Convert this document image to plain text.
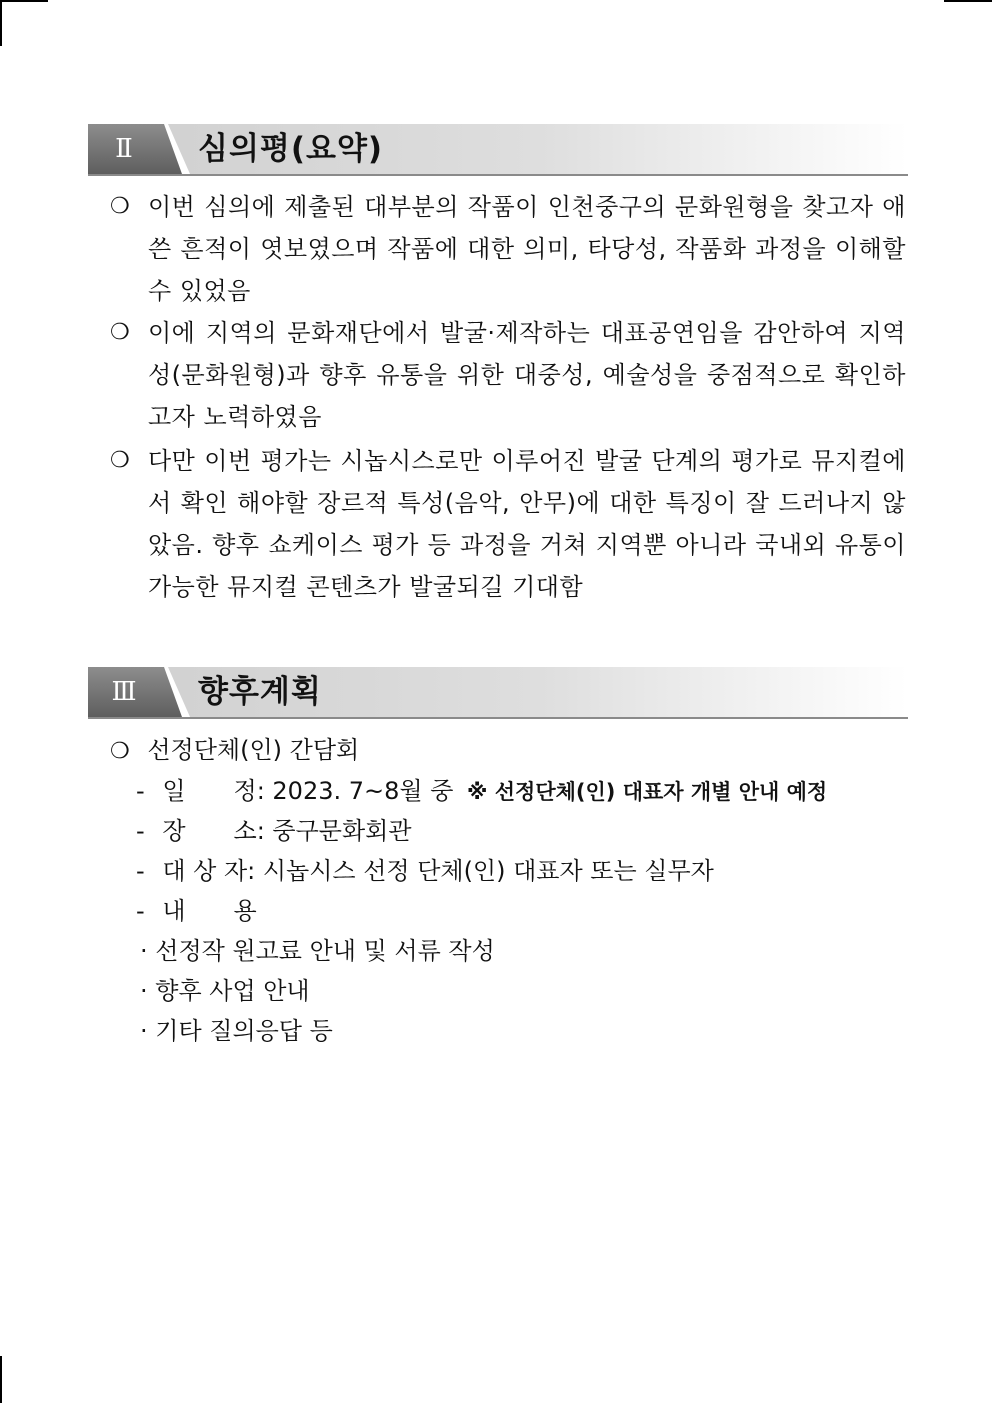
Ⅱ	심의평(요약)
❍ 이번 심의에 제출된 대부분의 작품이 인천중구의 문화원형을 찾고자 애쓴 흔적이 엿보였으며 작품에 대한 의미, 타당성, 작품화 과정을 이해할 수 있었음
❍ 이에 지역의 문화재단에서 발굴·제작하는 대표공연임을 감안하여 지역성(문화원형)과 향후 유통을 위한 대중성, 예술성을 중점적으로 확인하고자 노력하였음
❍ 다만 이번 평가는 시놉시스로만 이루어진 발굴 단계의 평가로 뮤지컬에서 확인 해야할 장르적 특성(음악, 안무)에 대한 특징이 잘 드러나지 않았음. 향후 쇼케이스 평가 등 과정을 거쳐 지역뿐 아니라 국내외 유통이 가능한 뮤지컬 콘텐츠가 발굴되길 기대함
Ⅲ	향후계획
❍ 선정단체(인) 간담회
- 일　　정: 2023. 7~8월 중 ※ 선정단체(인) 대표자 개별 안내 예정
- 장　　소: 중구문화회관
- 대 상 자: 시놉시스 선정 단체(인) 대표자 또는 실무자
- 내　　용
· 선정작 원고료 안내 및 서류 작성
· 향후 사업 안내
· 기타 질의응답 등
